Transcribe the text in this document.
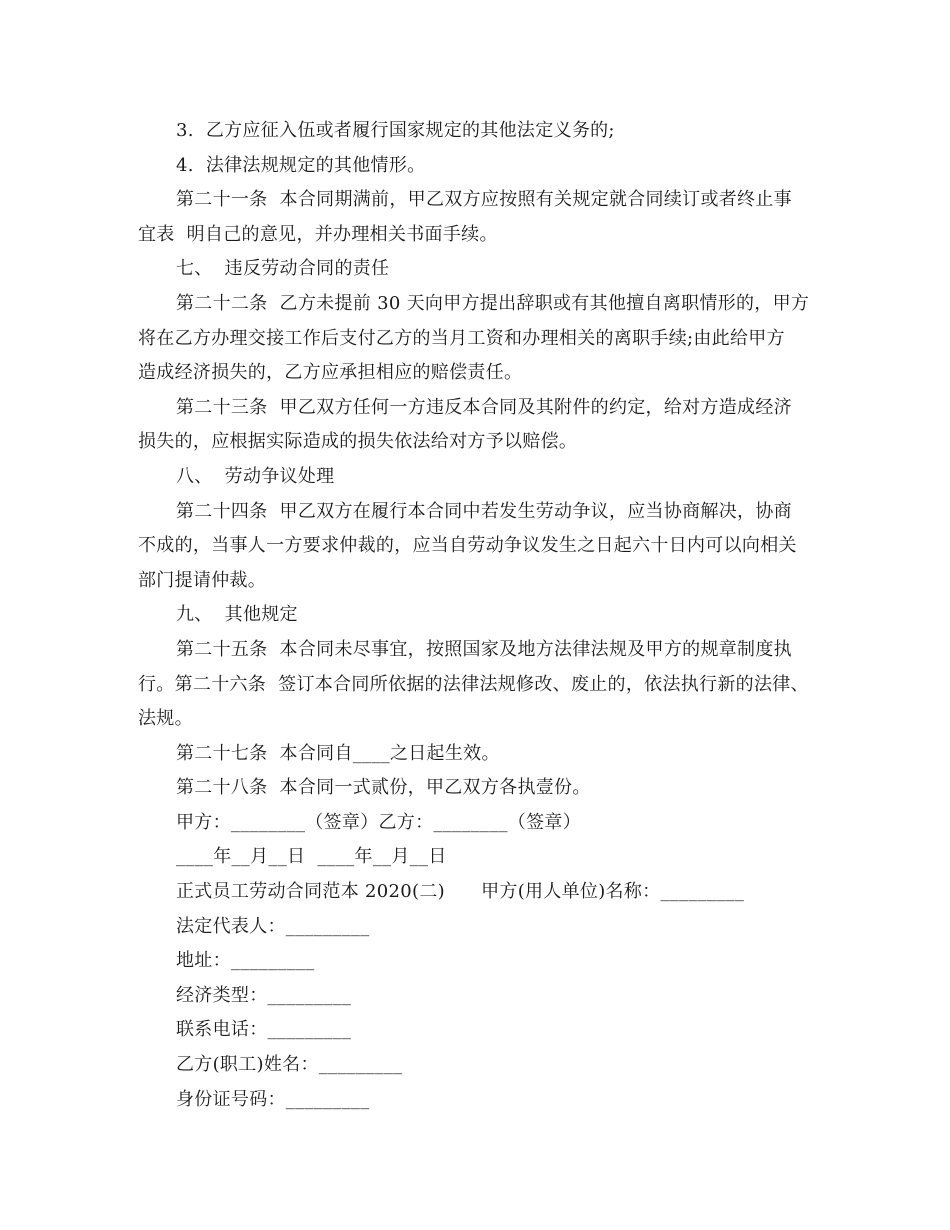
3.  乙方应征入伍或者履行国家规定的其他法定义务的;
4.  法律法规规定的其他情形。
第二十一条  本合同期满前，甲乙双方应按照有关规定就合同续订或者终止事
宜表  明自己的意见，并办理相关书面手续。
七、  违反劳动合同的责任
第二十二条  乙方未提前 30 天向甲方提出辞职或有其他擅自离职情形的，甲方
将在乙方办理交接工作后支付乙方的当月工资和办理相关的离职手续;由此给甲方
造成经济损失的，乙方应承担相应的赔偿责任。
第二十三条  甲乙双方任何一方违反本合同及其附件的约定，给对方造成经济
损失的，应根据实际造成的损失依法给对方予以赔偿。
八、  劳动争议处理
第二十四条  甲乙双方在履行本合同中若发生劳动争议，应当协商解决，协商
不成的，当事人一方要求仲裁的，应当自劳动争议发生之日起六十日内可以向相关
部门提请仲裁。
九、  其他规定
第二十五条  本合同未尽事宜，按照国家及地方法律法规及甲方的规章制度执
行。第二十六条  签订本合同所依据的法律法规修改、废止的，依法执行新的法律、
法规。
第二十七条  本合同自____之日起生效。
第二十八条  本合同一式贰份，甲乙双方各执壹份。
甲方：________（签章）乙方：________（签章）
____年__月__日  ____年__月__日
正式员工劳动合同范本 2020(二)      甲方(用人单位)名称：_________
法定代表人：_________
地址：_________
经济类型：_________
联系电话：_________
乙方(职工)姓名：_________
身份证号码：_________
